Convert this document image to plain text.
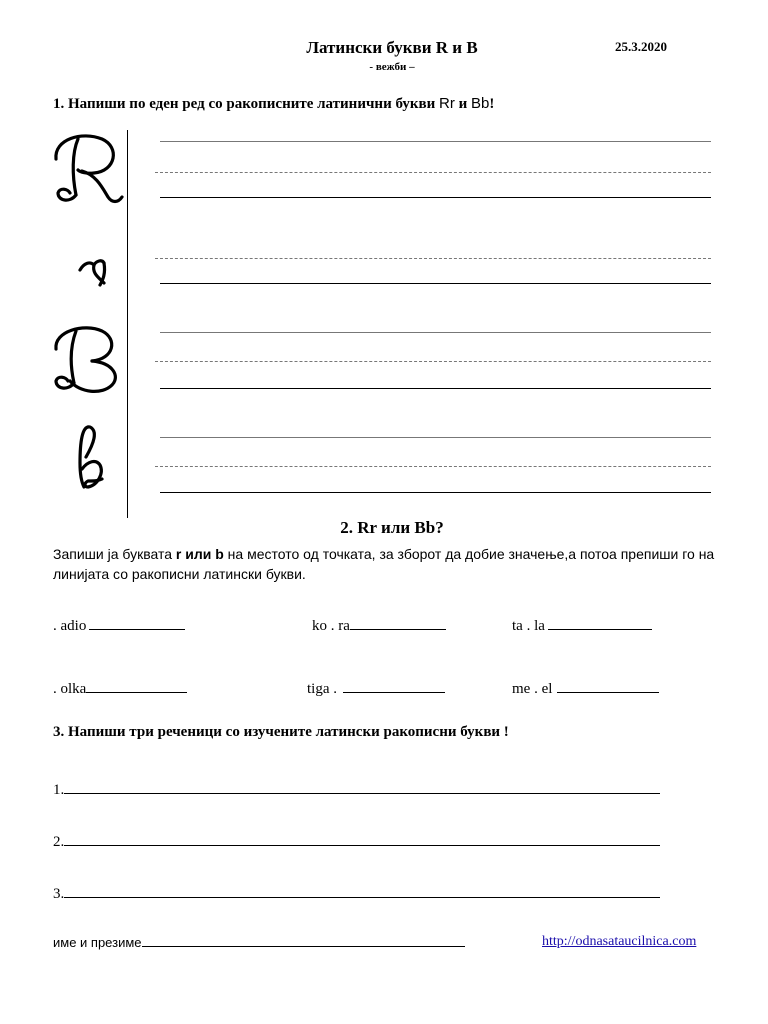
Латински букви R и B
- вежби –
25.3.2020
1. Напиши по еден ред со ракописните латинични букви Rr и Bb!
2. Rr или Bb?
Запиши ја буквата r или b на местото од точката, за зборот да добие значење,а потоа препиши го на линијата со ракописни латински букви.
. adio	ko . ra	ta . la
. olka	tiga .	me . el
3. Напиши три реченици со изучените латински ракописни букви !
1.
2.
3.
име и презиме	http://odnasataucilnica.com
